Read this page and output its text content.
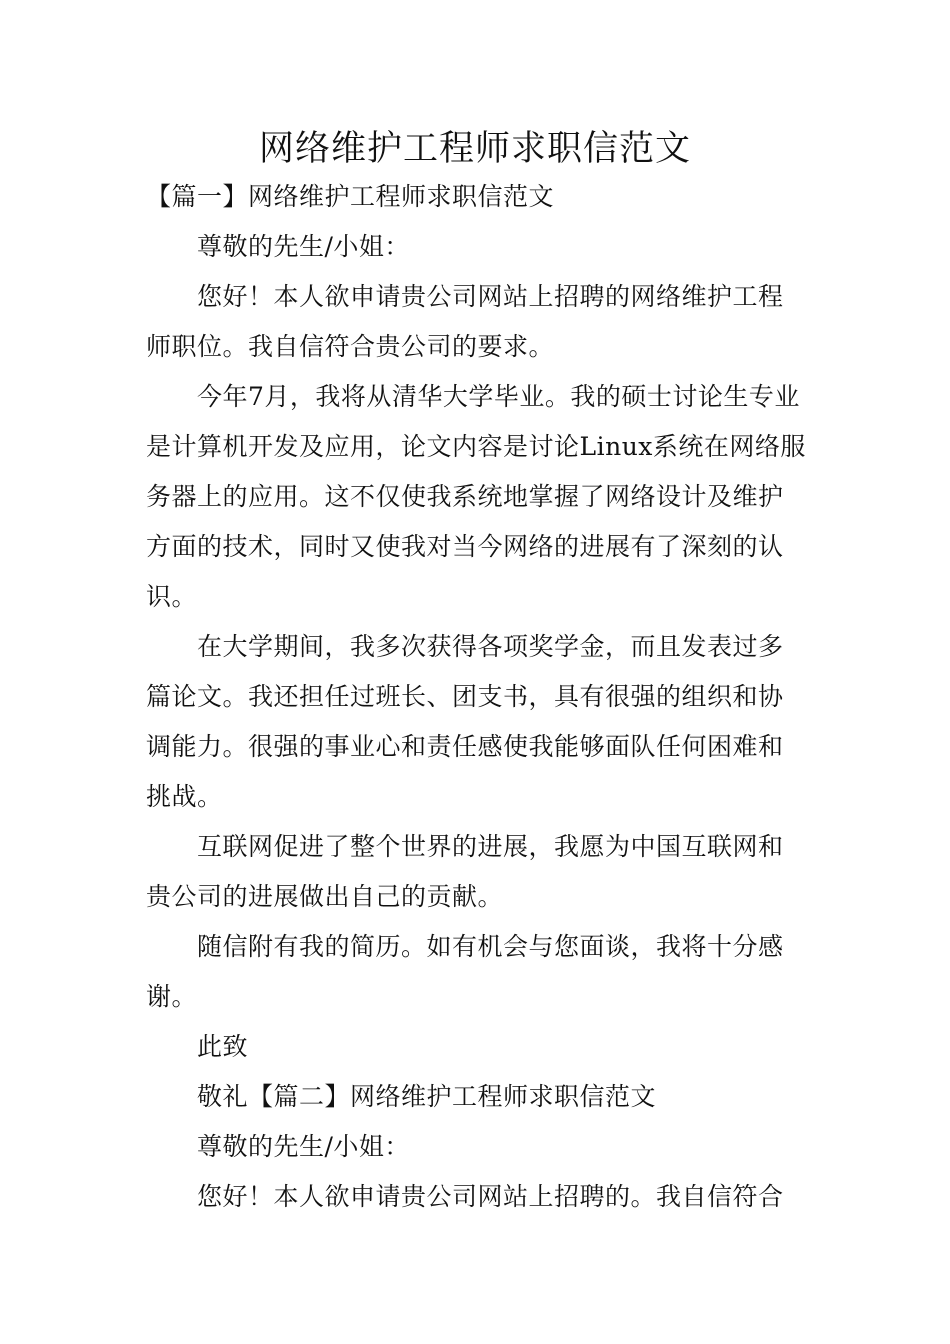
网络维护工程师求职信范文

【篇一】网络维护工程师求职信范文

尊敬的先生/小姐：

您好！本人欲申请贵公司网站上招聘的网络维护工程师职位。我自信符合贵公司的要求。

今年7月，我将从清华大学毕业。我的硕士讨论生专业是计算机开发及应用，论文内容是讨论Linux系统在网络服务器上的应用。这不仅使我系统地掌握了网络设计及维护方面的技术，同时又使我对当今网络的进展有了深刻的认识。

在大学期间，我多次获得各项奖学金，而且发表过多篇论文。我还担任过班长、团支书，具有很强的组织和协调能力。很强的事业心和责任感使我能够面队任何困难和挑战。

互联网促进了整个世界的进展，我愿为中国互联网和贵公司的进展做出自己的贡献。

随信附有我的简历。如有机会与您面谈，我将十分感谢。

此致

敬礼【篇二】网络维护工程师求职信范文

尊敬的先生/小姐：

您好！本人欲申请贵公司网站上招聘的。我自信符合
